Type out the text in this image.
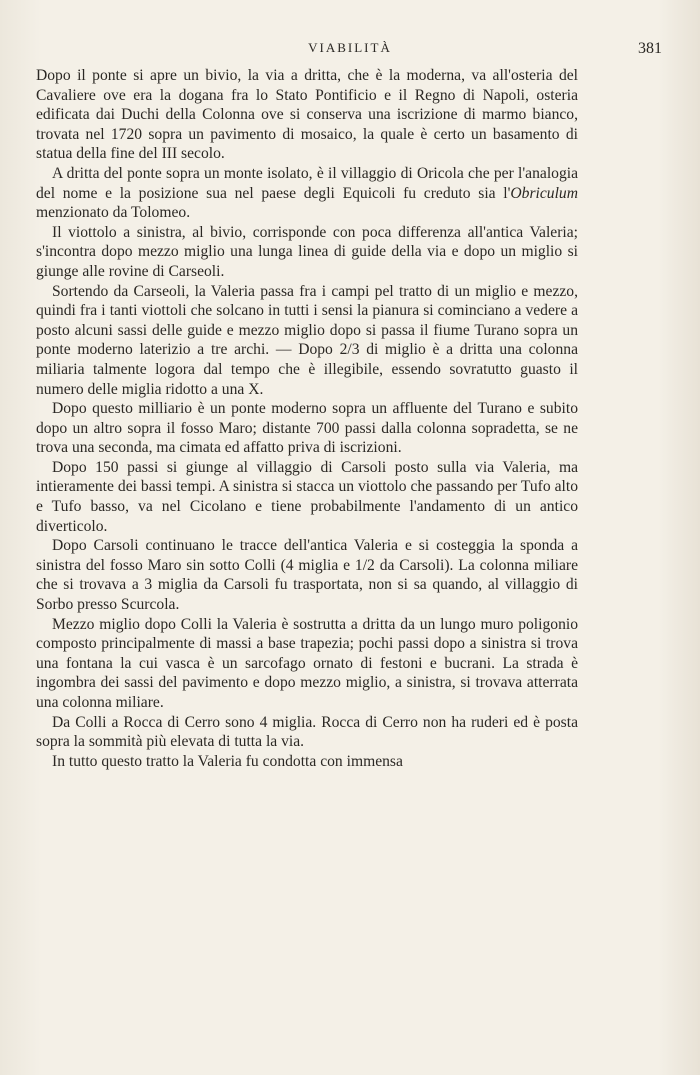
VIABILITÀ	381

Dopo il ponte si apre un bivio, la via a dritta, che è la moderna, va all'osteria del Cavaliere ove era la dogana fra lo Stato Pontificio e il Regno di Napoli, osteria edificata dai Duchi della Colonna ove si conserva una iscrizione di marmo bianco, trovata nel 1720 sopra un pavimento di mosaico, la quale è certo un basamento di statua della fine del III secolo.

A dritta del ponte sopra un monte isolato, è il villaggio di Oricola che per l'analogia del nome e la posizione sua nel paese degli Equicoli fu creduto sia l'Obriculum menzionato da Tolomeo.

Il viottolo a sinistra, al bivio, corrisponde con poca differenza all'antica Valeria; s'incontra dopo mezzo miglio una lunga linea di guide della via e dopo un miglio si giunge alle rovine di Carseoli.

Sortendo da Carseoli, la Valeria passa fra i campi pel tratto di un miglio e mezzo, quindi fra i tanti viottoli che solcano in tutti i sensi la pianura si cominciano a vedere a posto alcuni sassi delle guide e mezzo miglio dopo si passa il fiume Turano sopra un ponte moderno laterizio a tre archi. — Dopo 2/3 di miglio è a dritta una colonna miliaria talmente logora dal tempo che è illegibile, essendo sovratutto guasto il numero delle miglia ridotto a una X.

Dopo questo milliario è un ponte moderno sopra un affluente del Turano e subito dopo un altro sopra il fosso Maro; distante 700 passi dalla colonna sopradetta, se ne trova una seconda, ma cimata ed affatto priva di iscrizioni.

Dopo 150 passi si giunge al villaggio di Carsoli posto sulla via Valeria, ma intieramente dei bassi tempi. A sinistra si stacca un viottolo che passando per Tufo alto e Tufo basso, va nel Cicolano e tiene probabilmente l'andamento di un antico diverticolo.

Dopo Carsoli continuano le tracce dell'antica Valeria e si costeggia la sponda a sinistra del fosso Maro sin sotto Colli (4 miglia e 1/2 da Carsoli). La colonna miliare che si trovava a 3 miglia da Carsoli fu trasportata, non si sa quando, al villaggio di Sorbo presso Scurcola.

Mezzo miglio dopo Colli la Valeria è sostrutta a dritta da un lungo muro poligonio composto principalmente di massi a base trapezia; pochi passi dopo a sinistra si trova una fontana la cui vasca è un sarcofago ornato di festoni e bucrani. La strada è ingombra dei sassi del pavimento e dopo mezzo miglio, a sinistra, si trovava atterrata una colonna miliare.

Da Colli a Rocca di Cerro sono 4 miglia. Rocca di Cerro non ha ruderi ed è posta sopra la sommità più elevata di tutta la via.

In tutto questo tratto la Valeria fu condotta con immensa
